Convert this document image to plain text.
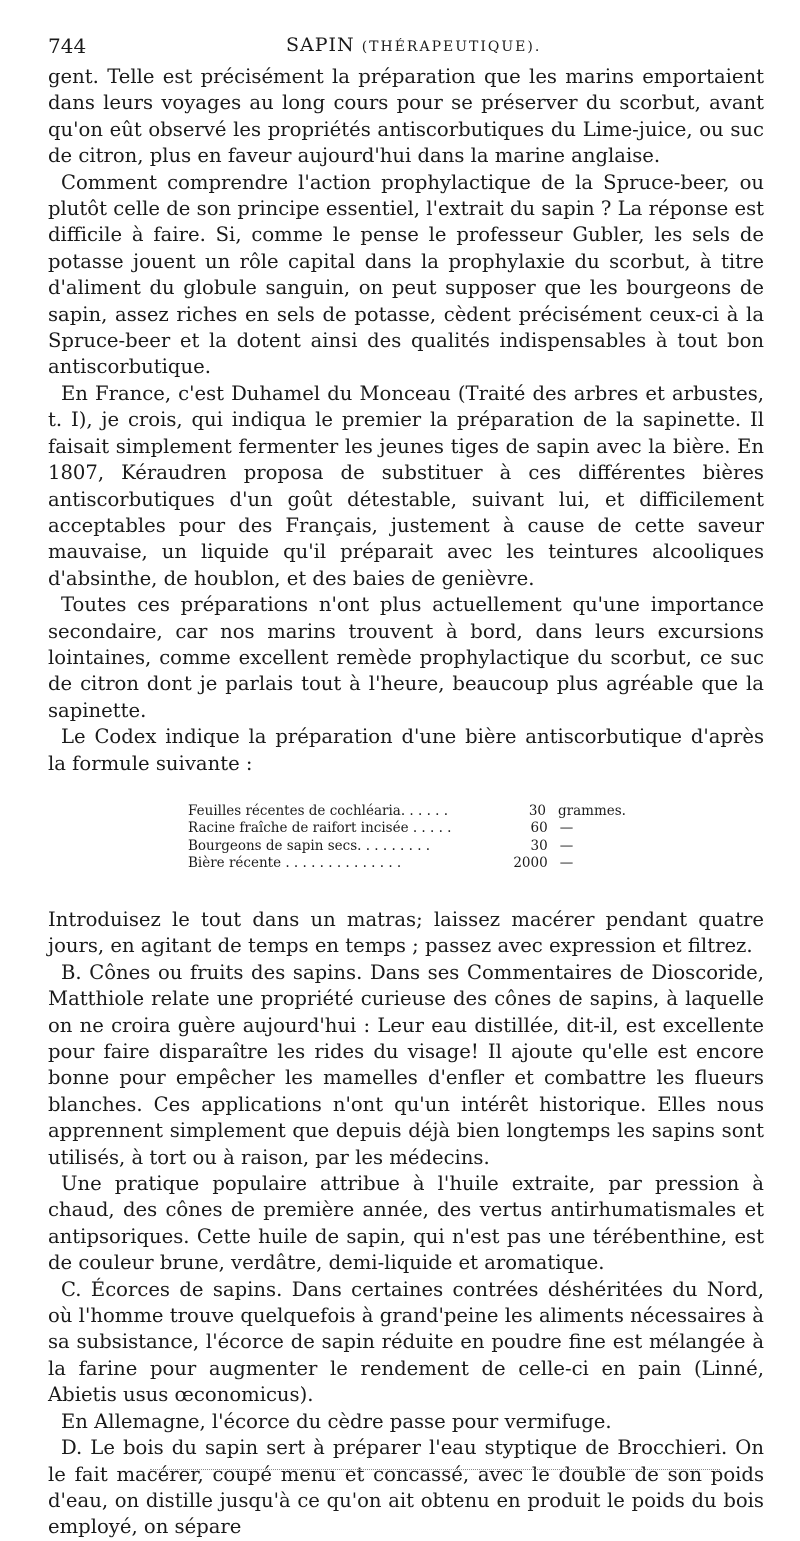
744	SAPIN (THÉRAPEUTIQUE).

gent. Telle est précisément la préparation que les marins emportaient dans leurs voyages au long cours pour se préserver du scorbut, avant qu'on eût observé les propriétés antiscorbutiques du Lime-juice, ou suc de citron, plus en faveur aujourd'hui dans la marine anglaise.

Comment comprendre l'action prophylactique de la Spruce-beer, ou plutôt celle de son principe essentiel, l'extrait du sapin ? La réponse est difficile à faire. Si, comme le pense le professeur Gubler, les sels de potasse jouent un rôle capital dans la prophylaxie du scorbut, à titre d'aliment du globule sanguin, on peut supposer que les bourgeons de sapin, assez riches en sels de potasse, cèdent précisément ceux-ci à la Spruce-beer et la dotent ainsi des qualités indispensables à tout bon antiscorbutique.

En France, c'est Duhamel du Monceau (Traité des arbres et arbustes, t. I), je crois, qui indiqua le premier la préparation de la sapinette. Il faisait simplement fermenter les jeunes tiges de sapin avec la bière. En 1807, Kéraudren proposa de substituer à ces différentes bières antiscorbutiques d'un goût détestable, suivant lui, et difficilement acceptables pour des Français, justement à cause de cette saveur mauvaise, un liquide qu'il préparait avec les teintures alcooliques d'absinthe, de houblon, et des baies de genièvre.

Toutes ces préparations n'ont plus actuellement qu'une importance secondaire, car nos marins trouvent à bord, dans leurs excursions lointaines, comme excellent remède prophylactique du scorbut, ce suc de citron dont je parlais tout à l'heure, beaucoup plus agréable que la sapinette.

Le Codex indique la préparation d'une bière antiscorbutique d'après la formule suivante :

Feuilles récentes de cochléaria. . . . . .	30 grammes.
Racine fraîche de raifort incisée . . . . .	60 —
Bourgeons de sapin secs. . . . . . . . .	30 —
Bière récente . . . . . . . . . . . . . .	2000 —

Introduisez le tout dans un matras; laissez macérer pendant quatre jours, en agitant de temps en temps ; passez avec expression et filtrez.

B. Cônes ou fruits des sapins. Dans ses Commentaires de Dioscoride, Matthiole relate une propriété curieuse des cônes de sapins, à laquelle on ne croira guère aujourd'hui : Leur eau distillée, dit-il, est excellente pour faire disparaître les rides du visage! Il ajoute qu'elle est encore bonne pour empêcher les mamelles d'enfler et combattre les flueurs blanches. Ces applications n'ont qu'un intérêt historique. Elles nous apprennent simplement que depuis déjà bien longtemps les sapins sont utilisés, à tort ou à raison, par les médecins.

Une pratique populaire attribue à l'huile extraite, par pression à chaud, des cônes de première année, des vertus antirhumatismales et antipsoriques. Cette huile de sapin, qui n'est pas une térébenthine, est de couleur brune, verdâtre, demi-liquide et aromatique.

C. Écorces de sapins. Dans certaines contrées déshéritées du Nord, où l'homme trouve quelquefois à grand'peine les aliments nécessaires à sa subsistance, l'écorce de sapin réduite en poudre fine est mélangée à la farine pour augmenter le rendement de celle-ci en pain (Linné, Abietis usus œconomicus).

En Allemagne, l'écorce du cèdre passe pour vermifuge.

D. Le bois du sapin sert à préparer l'eau styptique de Brocchieri. On le fait macérer, coupé menu et concassé, avec le double de son poids d'eau, on distille jusqu'à ce qu'on ait obtenu en produit le poids du bois employé, on sépare
